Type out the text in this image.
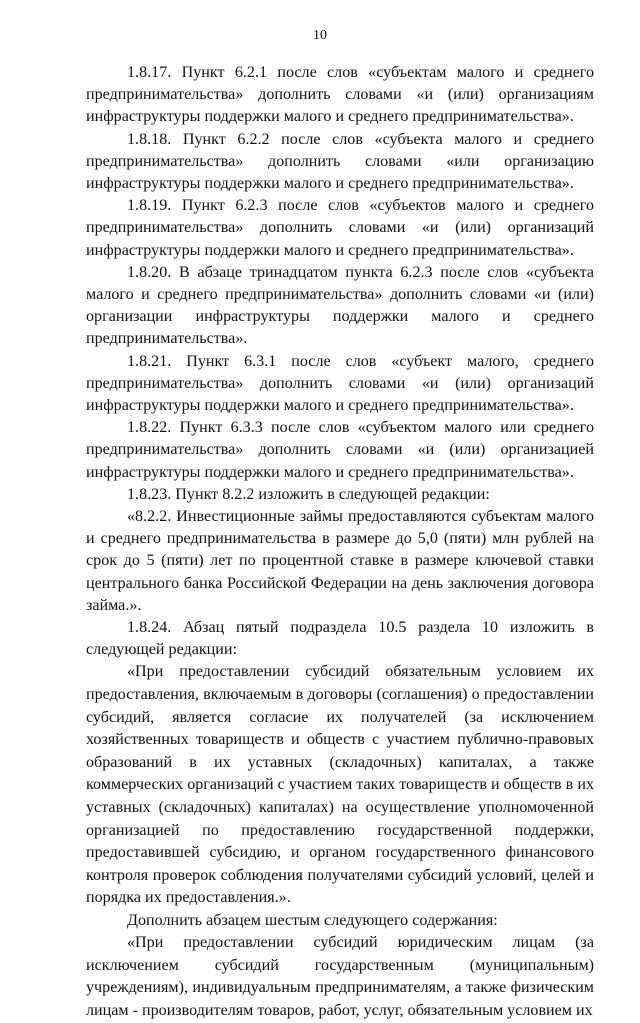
10

1.8.17. Пункт 6.2.1 после слов «субъектам малого и среднего предпринимательства» дополнить словами «и (или) организациям инфраструктуры поддержки малого и среднего предпринимательства».

1.8.18. Пункт 6.2.2 после слов «субъекта малого и среднего предпринимательства» дополнить словами «или организацию инфраструктуры поддержки малого и среднего предпринимательства».

1.8.19. Пункт 6.2.3 после слов «субъектов малого и среднего предпринимательства» дополнить словами «и (или) организаций инфраструктуры поддержки малого и среднего предпринимательства».

1.8.20. В абзаце тринадцатом пункта 6.2.3 после слов «субъекта малого и среднего предпринимательства» дополнить словами «и (или) организации инфраструктуры поддержки малого и среднего предпринимательства».

1.8.21. Пункт 6.3.1 после слов «субъект малого, среднего предпринимательства» дополнить словами «и (или) организаций инфраструктуры поддержки малого и среднего предпринимательства».

1.8.22. Пункт 6.3.3 после слов «субъектом малого или среднего предпринимательства» дополнить словами «и (или) организацией инфраструктуры поддержки малого и среднего предпринимательства».

1.8.23. Пункт 8.2.2 изложить в следующей редакции:

«8.2.2. Инвестиционные займы предоставляются субъектам малого и среднего предпринимательства в размере до 5,0 (пяти) млн рублей на срок до 5 (пяти) лет по процентной ставке в размере ключевой ставки центрального банка Российской Федерации на день заключения договора займа.».

1.8.24. Абзац пятый подраздела 10.5 раздела 10 изложить в следующей редакции:

«При предоставлении субсидий обязательным условием их предоставления, включаемым в договоры (соглашения) о предоставлении субсидий, является согласие их получателей (за исключением хозяйственных товариществ и обществ с участием публично-правовых образований в их уставных (складочных) капиталах, а также коммерческих организаций с участием таких товариществ и обществ в их уставных (складочных) капиталах) на осуществление уполномоченной организацией по предоставлению государственной поддержки, предоставившей субсидию, и органом государственного финансового контроля проверок соблюдения получателями субсидий условий, целей и порядка их предоставления.».

Дополнить абзацем шестым следующего содержания:

«При предоставлении субсидий юридическим лицам (за исключением субсидий государственным (муниципальным) учреждениям), индивидуальным предпринимателям, а также физическим лицам - производителям товаров, работ, услуг, обязательным условием их
